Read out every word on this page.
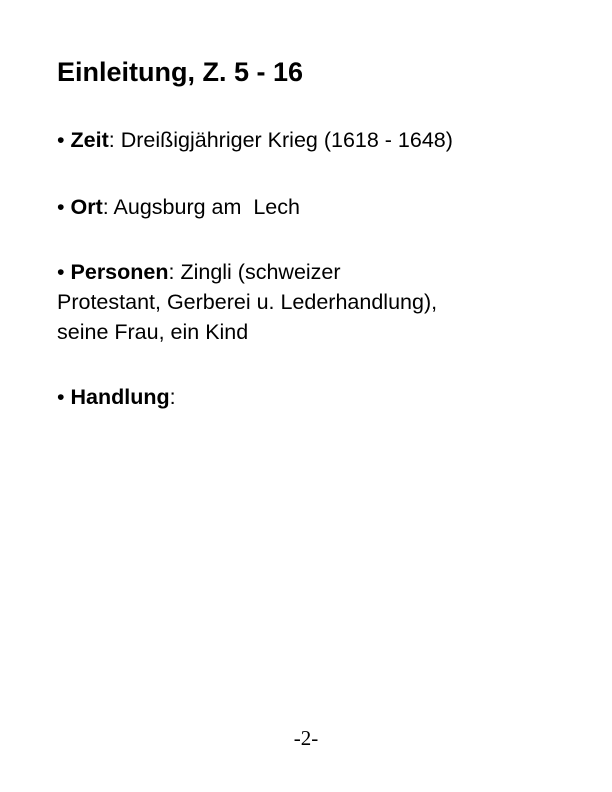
Einleitung, Z. 5 - 16
• Zeit: Dreißigjähriger Krieg (1618 - 1648)
• Ort: Augsburg am  Lech
• Personen: Zingli (schweizer
Protestant, Gerberei u. Lederhandlung),
seine Frau, ein Kind
• Handlung:
-2-
